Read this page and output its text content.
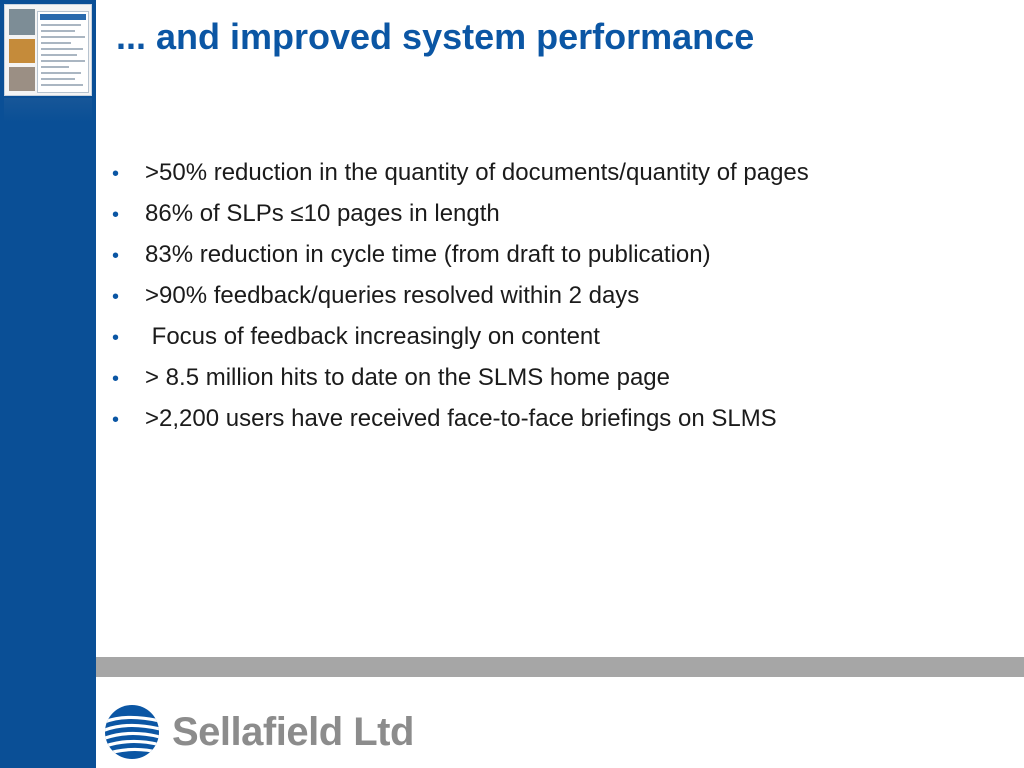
... and improved system performance
•	>50% reduction in the quantity of documents/quantity of pages
•	86% of SLPs ≤10 pages in length
•	83% reduction in cycle time (from draft to publication)
•	>90% feedback/queries resolved within 2 days
•	Focus of feedback increasingly on content
•	> 8.5 million hits to date on the SLMS home page
•	>2,200 users have received face-to-face briefings on SLMS
Sellafield Ltd
